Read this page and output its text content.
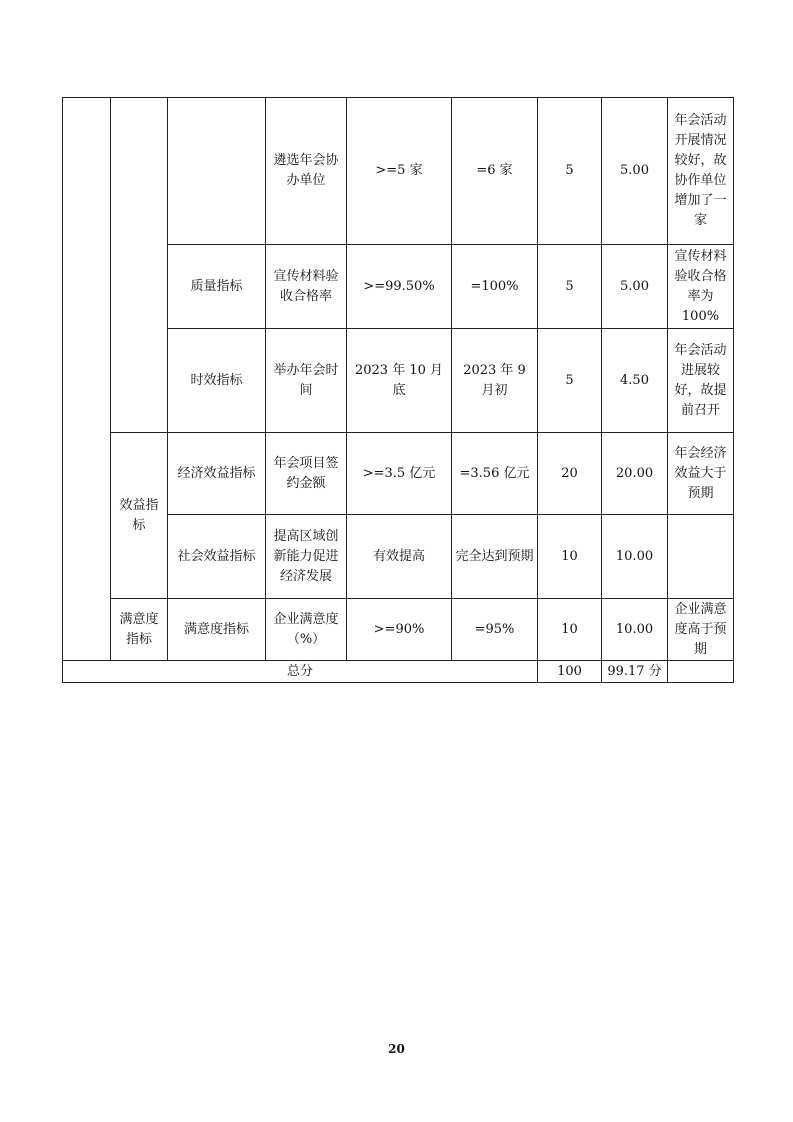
			遴选年会协办单位	>=5 家	=6 家	5	5.00	年会活动开展情况较好，故协作单位增加了一家
		质量指标	宣传材料验收合格率	>=99.50%	=100%	5	5.00	宣传材料验收合格率为 100%
		时效指标	举办年会时间	2023 年 10 月底	2023 年 9 月初	5	4.50	年会活动进展较好，故提前召开
	效益指标	经济效益指标	年会项目签约金额	>=3.5 亿元	=3.56 亿元	20	20.00	年会经济效益大于预期
		社会效益指标	提高区域创新能力促进经济发展	有效提高	完全达到预期	10	10.00	
	满意度指标	满意度指标	企业满意度（%）	>=90%	=95%	10	10.00	企业满意度高于预期
总分						100	99.17 分	
20
